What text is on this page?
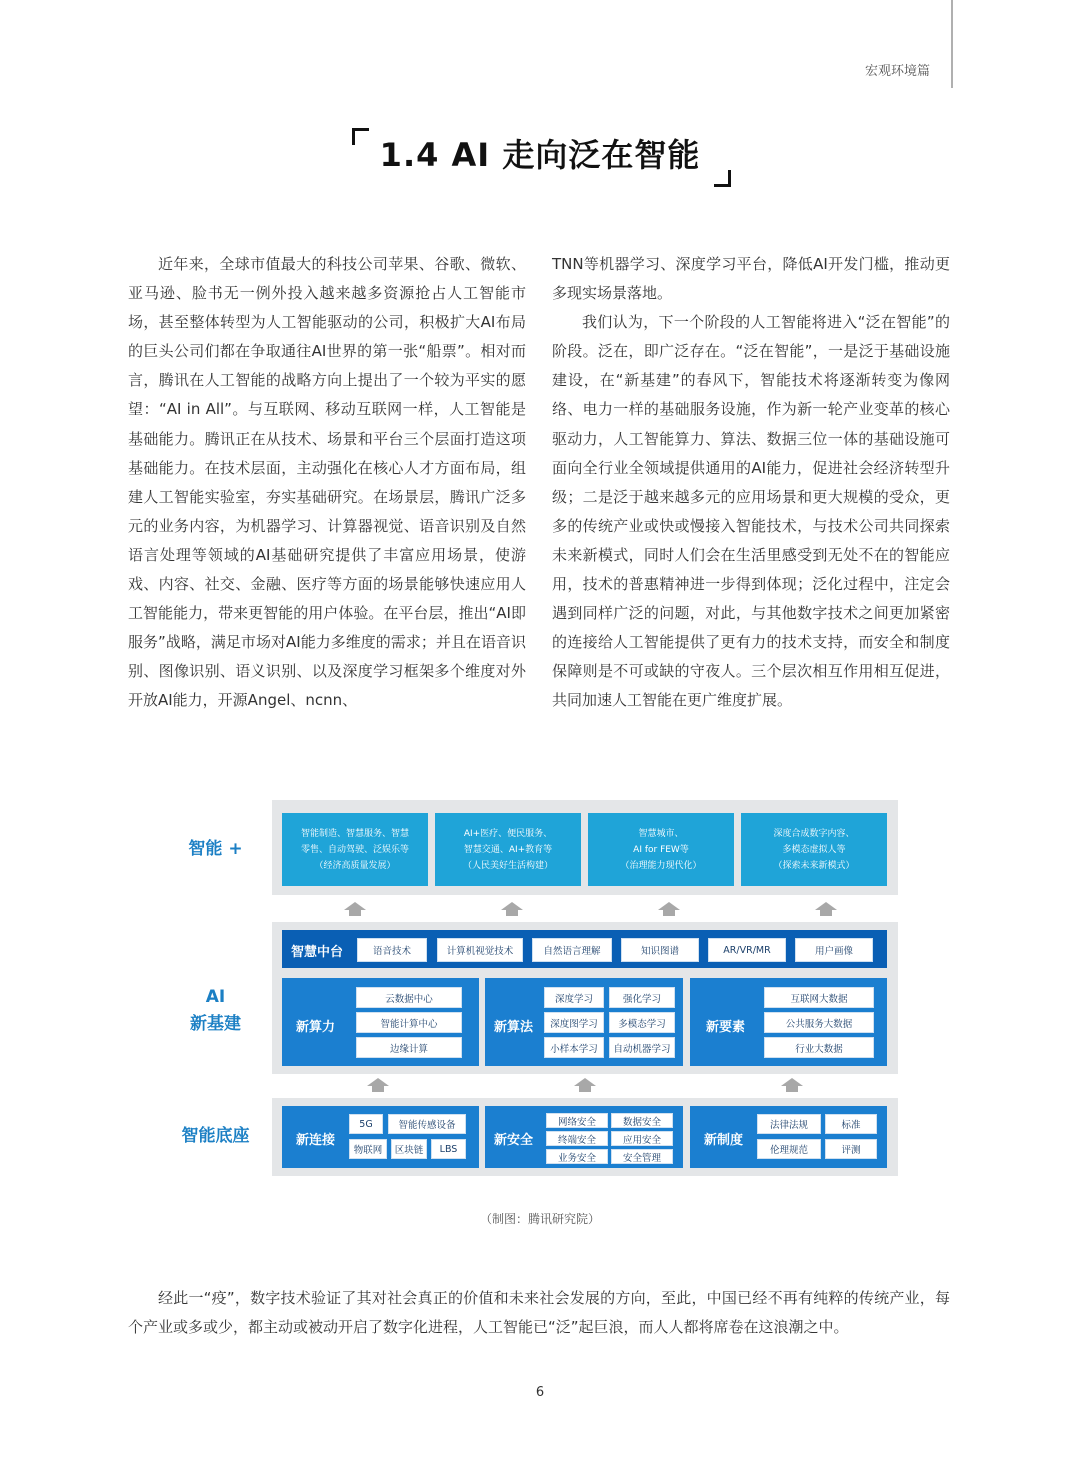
宏观环境篇
1.4 AI 走向泛在智能

近年来，全球市值最大的科技公司苹果、谷歌、微软、亚马逊、脸书无一例外投入越来越多资源抢占人工智能市场，甚至整体转型为人工智能驱动的公司，积极扩大AI布局的巨头公司们都在争取通往AI世界的第一张“船票”。相对而言，腾讯在人工智能的战略方向上提出了一个较为平实的愿望：“AI in All”。与互联网、移动互联网一样，人工智能是基础能力。腾讯正在从技术、场景和平台三个层面打造这项基础能力。在技术层面，主动强化在核心人才方面布局，组建人工智能实验室，夯实基础研究。在场景层，腾讯广泛多元的业务内容，为机器学习、计算器视觉、语音识别及自然语言处理等领域的AI基础研究提供了丰富应用场景，使游戏、内容、社交、金融、医疗等方面的场景能够快速应用人工智能能力，带来更智能的用户体验。在平台层，推出“AI即服务”战略，满足市场对AI能力多维度的需求；并且在语音识别、图像识别、语义识别、以及深度学习框架多个维度对外开放AI能力，开源Angel、ncnn、

TNN等机器学习、深度学习平台，降低AI开发门槛，推动更多现实场景落地。

我们认为，下一个阶段的人工智能将进入“泛在智能”的阶段。泛在，即广泛存在。“泛在智能”，一是泛于基础设施建设，在“新基建”的春风下，智能技术将逐渐转变为像网络、电力一样的基础服务设施，作为新一轮产业变革的核心驱动力，人工智能算力、算法、数据三位一体的基础设施可面向全行业全领域提供通用的AI能力，促进社会经济转型升级；二是泛于越来越多元的应用场景和更大规模的受众，更多的传统产业或快或慢接入智能技术，与技术公司共同探索未来新模式，同时人们会在生活里感受到无处不在的智能应用，技术的普惠精神进一步得到体现；泛化过程中，注定会遇到同样广泛的问题，对此，与其他数字技术之间更加紧密的连接给人工智能提供了更有力的技术支持，而安全和制度保障则是不可或缺的守夜人。三个层次相互作用相互促进，共同加速人工智能在更广维度扩展。

智能 +
AI
新基建
智能底座
智能制造、智慧服务、智慧
零售、自动驾驶、泛娱乐等
（经济高质量发展）
AI+医疗、便民服务、
智慧交通、AI+教育等
（人民美好生活构建）
智慧城市、
AI for FEW等
（治理能力现代化）
深度合成数字内容、
多模态虚拟人等
（探索未来新模式）
智慧中台	语音技术	计算机视觉技术	自然语言理解	知识图谱	AR/VR/MR	用户画像
新算力
云数据中心
智能计算中心
边缘计算
新算法
深度学习	强化学习
深度图学习	多模态学习
小样本学习	自动机器学习
新要素
互联网大数据
公共服务大数据
行业大数据
新连接
5G	智能传感设备
物联网	区块链	LBS
新安全
网络安全	数据安全
终端安全	应用安全
业务安全	安全管理
新制度
法律法规	标准
伦理规范	评测
（制图：腾讯研究院）

经此一“疫”，数字技术验证了其对社会真正的价值和未来社会发展的方向，至此，中国已经不再有纯粹的传统产业，每个产业或多或少，都主动或被动开启了数字化进程，人工智能已“泛”起巨浪，而人人都将席卷在这浪潮之中。

6
